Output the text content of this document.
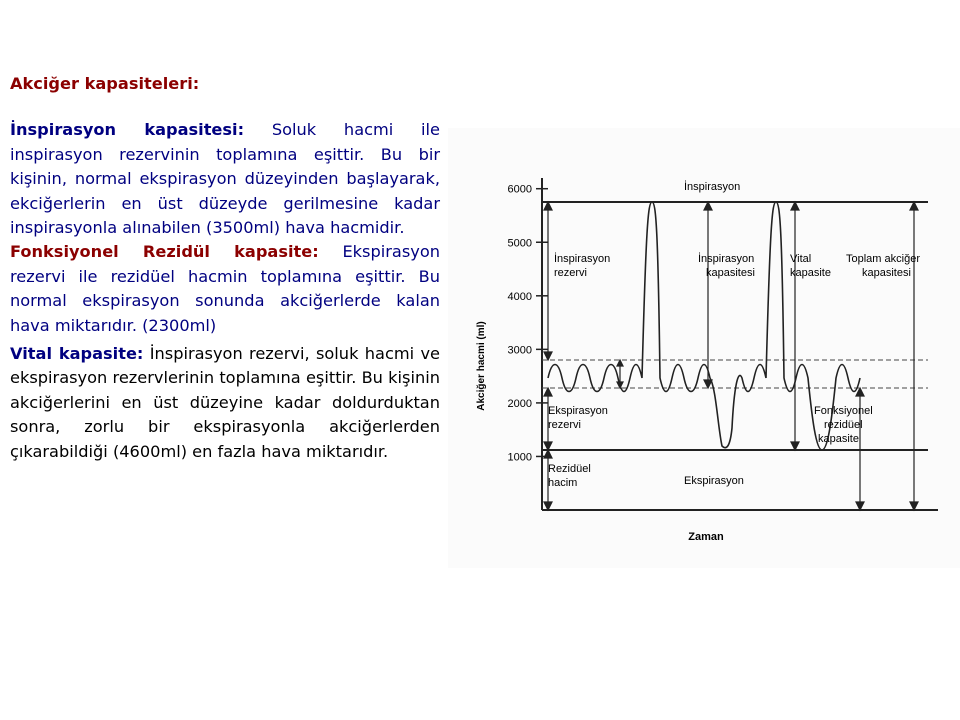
Akciğer kapasiteleri:

İnspirasyon kapasitesi: Soluk hacmi ile inspirasyon rezervinin toplamına eşittir. Bu bir kişinin, normal ekspirasyon düzeyinden başlayarak, ekciğerlerin en üst düzeyde gerilmesine kadar inspirasyonla alınabilen (3500ml) hava hacmidir.

Fonksiyonel Rezidül kapasite: Ekspirasyon rezervi ile rezidüel hacmin toplamına eşittir. Bu normal ekspirasyon sonunda akciğerlerde kalan hava miktarıdır. (2300ml)

Vital kapasite: İnspirasyon rezervi, soluk hacmi ve ekspirasyon rezervlerinin toplamına eşittir. Bu kişinin akciğerlerini en üst düzeyine kadar doldurduktan sonra, zorlu bir ekspirasyonla akciğerlerden çıkarabildiği (4600ml) en fazla hava miktarıdır.

Akciğer hacmi (ml)
Zaman
6000
5000
4000
3000
2000
1000
İnspirasyon
İnspirasyon
rezervi
İnspirasyon
kapasitesi
Vital
kapasite
Toplam akciğer
kapasitesi
Ekspirasyon
rezervi
Fonksiyonel
rezidüel
kapasite
Rezidüel
hacim	Ekspirasyon
